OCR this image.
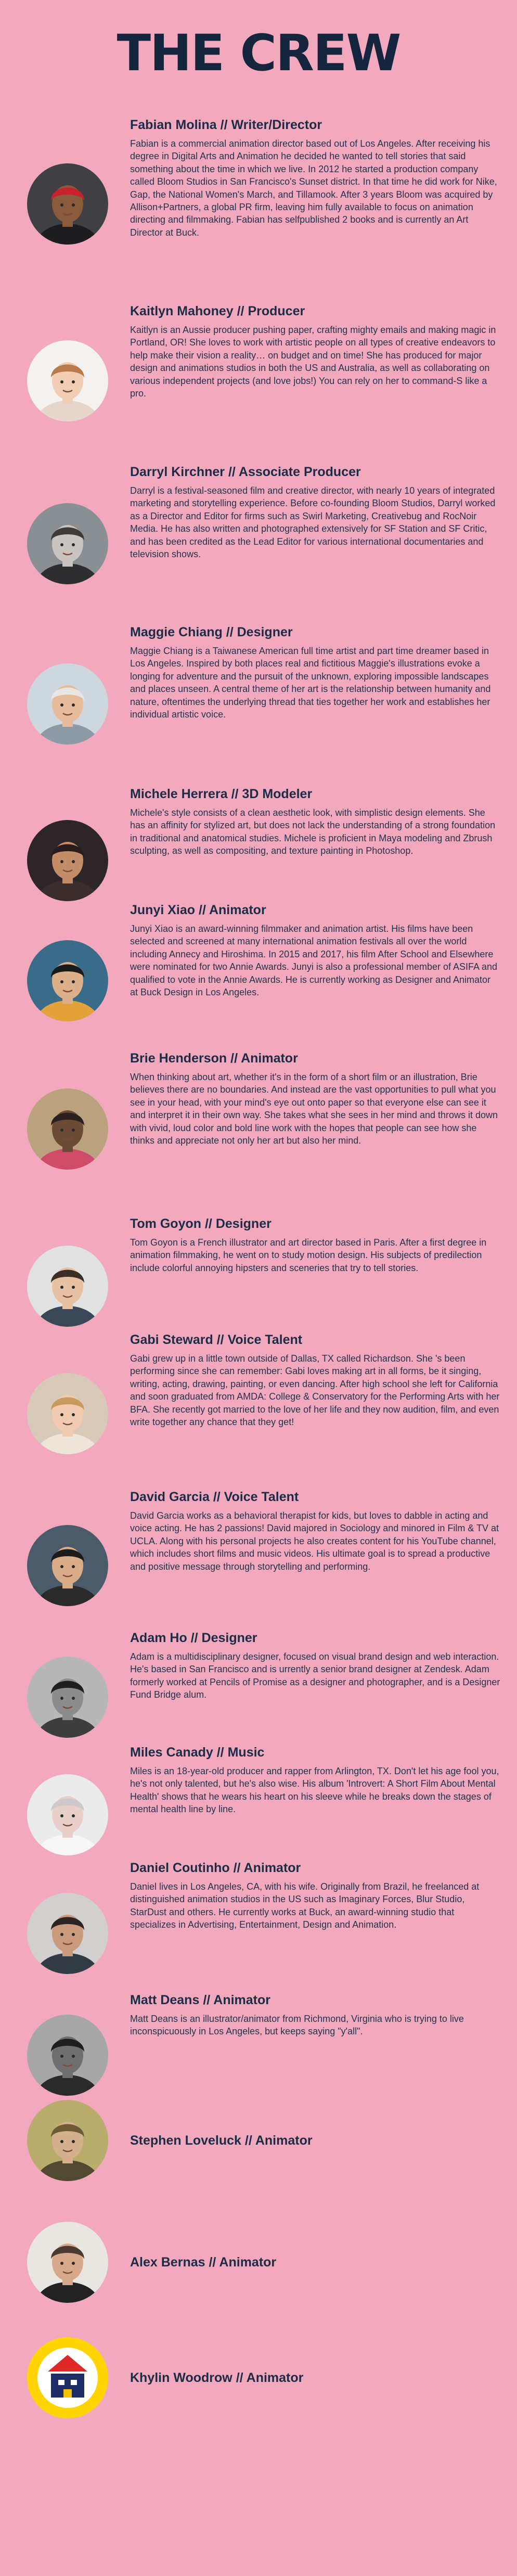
THE CREW
Fabian Molina // Writer/Director

Fabian is a commercial animation director based out of Los Angeles. After receiving his degree in Digital Arts and Animation he decided he wanted to tell stories that said something about the time in which we live. In 2012 he started a production company called Bloom Studios in San Francisco's Sunset district. In that time he did work for Nike, Gap, the National Women's March, and Tillamook. After 3 years Bloom was acquired by Allison+Partners, a global PR firm, leaving him fully available to focus on animation directing and filmmaking. Fabian has selfpublished 2 books and is currently an Art Director at Buck.

Kaitlyn Mahoney // Producer

Kaitlyn is an Aussie producer pushing paper, crafting mighty emails and making magic in Portland, OR! She loves to work with artistic people on all types of creative endeavors to help make their vision a reality… on budget and on time! She has produced for major design and animations studios in both the US and Australia, as well as collaborating on various independent projects (and love jobs!) You can rely on her to command-S like a pro.

Darryl Kirchner // Associate Producer

Darryl is a festival-seasoned film and creative director, with nearly 10 years of integrated marketing and storytelling experience. Before co-founding Bloom Studios, Darryl worked as a Director and Editor for firms such as Swirl Marketing, Creativebug and RocNoir Media. He has also written and photographed extensively for SF Station and SF Critic, and has been credited as the Lead Editor for various international documentaries and television shows.

Maggie Chiang // Designer

Maggie Chiang is a Taiwanese American full time artist and part time dreamer based in Los Angeles. Inspired by both places real and fictitious Maggie's illustrations evoke a longing for adventure and the pursuit of the unknown, exploring impossible landscapes and places unseen. A central theme of her art is the relationship between humanity and nature, oftentimes the underlying thread that ties together her work and establishes her individual artistic voice.

Michele Herrera // 3D Modeler

Michele's style consists of a clean aesthetic look, with simplistic design elements. She has an affinity for stylized art, but does not lack the understanding of a strong foundation in traditional and anatomical studies. Michele is proficient in Maya modeling and Zbrush sculpting, as well as compositing, and texture painting in Photoshop.

Junyi Xiao // Animator

Junyi Xiao is an award-winning filmmaker and animation artist. His films have been selected and screened at many international animation festivals all over the world including Annecy and Hiroshima. In 2015 and 2017, his film After School and Elsewhere were nominated for two Annie Awards. Junyi is also a professional member of ASIFA and qualified to vote in the Annie Awards. He is currently working as Designer and Animator at Buck Design in Los Angeles.

Brie Henderson // Animator

When thinking about art, whether it's in the form of a short film or an illustration, Brie believes there are no boundaries. And instead are the vast opportunities to pull what you see in your head, with your mind's eye out onto paper so that everyone else can see it and interpret it in their own way. She takes what she sees in her mind and throws it down with vivid, loud color and bold line work with the hopes that people can see how she thinks and appreciate not only her art but also her mind.

Tom Goyon // Designer

Tom Goyon is a French illustrator and art director based in Paris. After a first degree in animation filmmaking, he went on to study motion design. His subjects of predilection include colorful annoying hipsters and sceneries that try to tell stories.

Gabi Steward // Voice Talent

Gabi grew up in a little town outside of Dallas, TX called Richardson. She 's been performing since she can remember: Gabi loves making art in all forms, be it singing, writing, acting, drawing, painting, or even dancing. After high school she left for California and soon graduated from AMDA: College & Conservatory for the Performing Arts with her BFA. She recently got married to the love of her life and they now audition, film, and even write together any chance that they get!

David Garcia // Voice Talent

David Garcia works as a behavioral therapist for kids, but loves to dabble in acting and voice acting. He has 2 passions! David majored in Sociology and minored in Film & TV at UCLA. Along with his personal projects he also creates content for his YouTube channel, which includes short films and music videos. His ultimate goal is to spread a productive and positive message through storytelling and performing.

Adam Ho // Designer

Adam is a multidisciplinary designer, focused on visual brand design and web interaction. He's based in San Francisco and is urrently a senior brand designer at Zendesk. Adam formerly worked at Pencils of Promise as a designer and photographer, and is a Designer Fund Bridge alum.

Miles Canady // Music

Miles is an 18-year-old producer and rapper from Arlington, TX. Don't let his age fool you, he's not only talented, but he's also wise. His album 'Introvert: A Short Film About Mental Health' shows that he wears his heart on his sleeve while he breaks down the stages of mental health line by line.

Daniel Coutinho // Animator

Daniel lives in Los Angeles, CA, with his wife. Originally from Brazil, he freelanced at distinguished animation studios in the US such as Imaginary Forces, Blur Studio, StarDust and others. He currently works at Buck, an award-winning studio that specializes in Advertising, Entertainment, Design and Animation.

Matt Deans // Animator

Matt Deans is an illustrator/animator from Richmond, Virginia who is trying to live inconspicuously in Los Angeles, but keeps saying "y'all".

Stephen Loveluck // Animator
Alex Bernas // Animator
Khylin Woodrow // Animator
